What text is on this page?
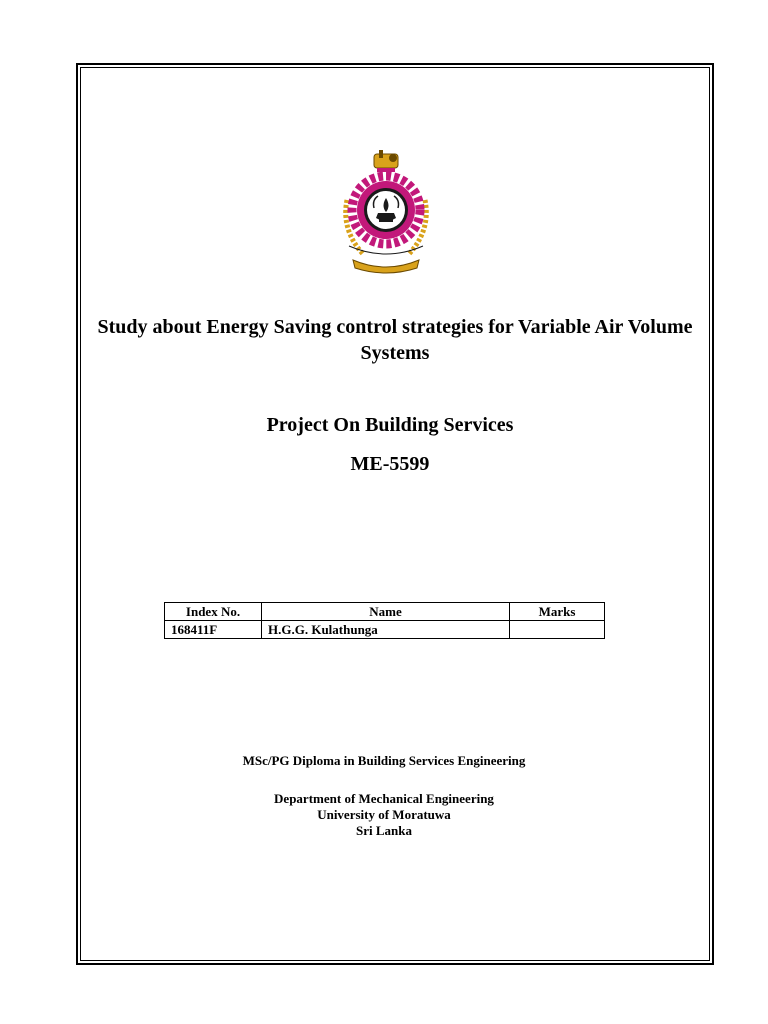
Study about Energy Saving control strategies for Variable Air Volume Systems
Project On Building Services
ME-5599
Index No.	Name	Marks
168411F	H.G.G. Kulathunga	
MSc/PG Diploma in Building Services Engineering
Department of Mechanical Engineering
University of Moratuwa
Sri Lanka
